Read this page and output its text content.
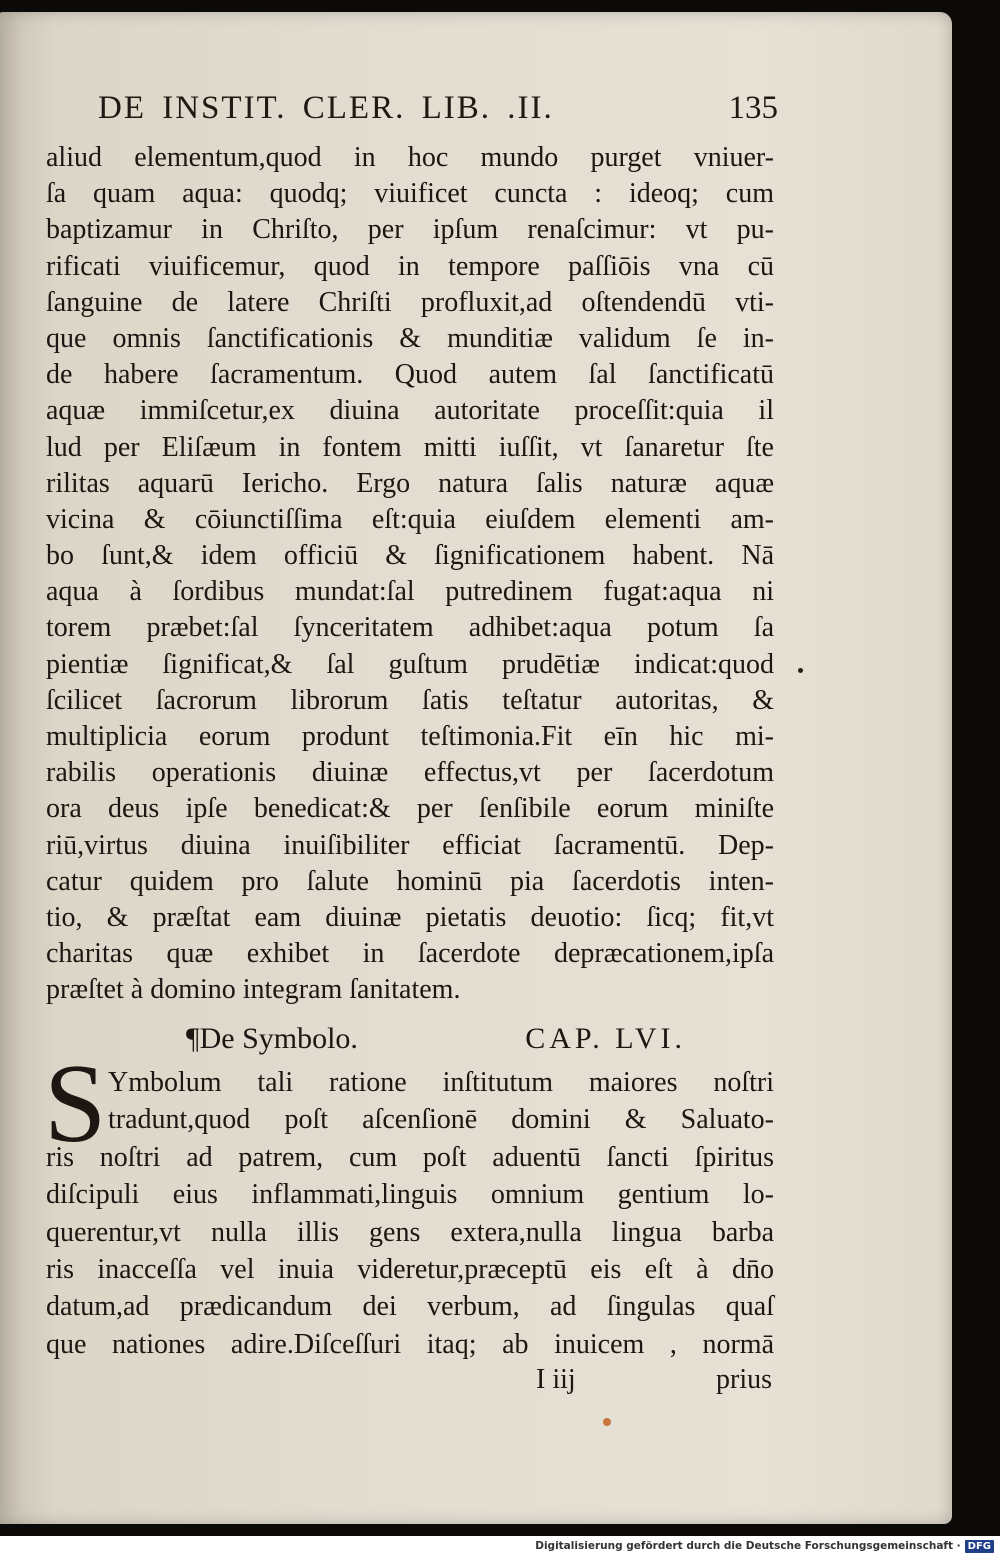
DE INSTIT. CLER. LIB. .II.	135
aliud elementum,quod in hoc mundo purget vniuer-
ſa quam aqua: quodq; viuificet cuncta : ideoq; cum
baptizamur in Chriſto, per ipſum renaſcimur: vt pu-
rificati viuificemur, quod in tempore paſſiōis vna cū
ſanguine de latere Chriſti profluxit,ad oſtendendū vti-
que omnis ſanctificationis & munditiæ validum ſe in-
de habere ſacramentum. Quod autem ſal ſanctificatū
aquæ immiſcetur,ex diuina autoritate proceſſit:quia il
lud per Eliſæum in fontem mitti iuſſit, vt ſanaretur ſte
rilitas aquarū Iericho. Ergo natura ſalis naturæ aquæ
vicina & cōiunctiſſima eſt:quia eiuſdem elementi am-
bo ſunt,& idem officiū & ſignificationem habent. Nā
aqua à ſordibus mundat:ſal putredinem fugat:aqua ni
torem præbet:ſal ſynceritatem adhibet:aqua potum ſa
pientiæ ſignificat,& ſal guſtum prudētiæ indicat:quod
ſcilicet ſacrorum librorum ſatis teſtatur autoritas, &
multiplicia eorum produnt teſtimonia.Fit eīn hic mi-
rabilis operationis diuinæ effectus,vt per ſacerdotum
ora deus ipſe benedicat:& per ſenſibile eorum miniſte
riū,virtus diuina inuiſibiliter efficiat ſacramentū. Dep-
catur quidem pro ſalute hominū pia ſacerdotis inten-
tio, & præſtat eam diuinæ pietatis deuotio: ſicq; fit,vt
charitas quæ exhibet in ſacerdote depræcationem,ipſa
præſtet à domino integram ſanitatem.
¶De Symbolo.	CAP. LVI.
S Ymbolum tali ratione inſtitutum maiores noſtri
tradunt,quod poſt aſcenſionē domini & Saluato-
ris noſtri ad patrem, cum poſt aduentū ſancti ſpiritus
diſcipuli eius inflammati,linguis omnium gentium lo-
querentur,vt nulla illis gens extera,nulla lingua barba
ris inacceſſa vel inuia videretur,præceptū eis eſt à dn̄o
datum,ad prædicandum dei verbum, ad ſingulas quaſ
que nationes adire.Diſceſſuri itaq; ab inuicem , normā
I iij	prius
Digitalisierung gefördert durch die Deutsche Forschungsgemeinschaft · DFG
